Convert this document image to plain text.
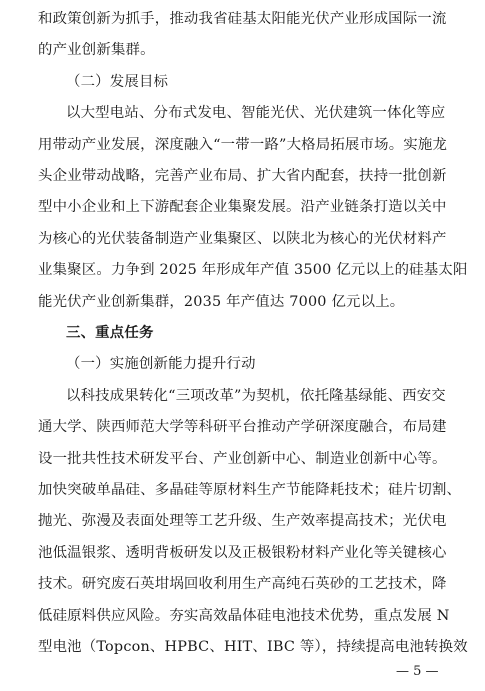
和政策创新为抓手，推动我省硅基太阳能光伏产业形成国际一流
的产业创新集群。
（二）发展目标
以大型电站、分布式发电、智能光伏、光伏建筑一体化等应
用带动产业发展，深度融入“一带一路”大格局拓展市场。实施龙
头企业带动战略，完善产业布局、扩大省内配套，扶持一批创新
型中小企业和上下游配套企业集聚发展。沿产业链条打造以关中
为核心的光伏装备制造产业集聚区、以陕北为核心的光伏材料产
业集聚区。力争到 2025 年形成年产值 3500 亿元以上的硅基太阳
能光伏产业创新集群，2035 年产值达 7000 亿元以上。
三、重点任务
（一）实施创新能力提升行动
以科技成果转化“三项改革”为契机，依托隆基绿能、西安交
通大学、陕西师范大学等科研平台推动产学研深度融合，布局建
设一批共性技术研发平台、产业创新中心、制造业创新中心等。
加快突破单晶硅、多晶硅等原材料生产节能降耗技术；硅片切割、
抛光、弥漫及表面处理等工艺升级、生产效率提高技术；光伏电
池低温银浆、透明背板研发以及正极银粉材料产业化等关键核心
技术。研究废石英坩埚回收利用生产高纯石英砂的工艺技术，降
低硅原料供应风险。夯实高效晶体硅电池技术优势，重点发展 N
型电池（Topcon、HPBC、HIT、IBC 等），持续提高电池转换效
— 5 —
